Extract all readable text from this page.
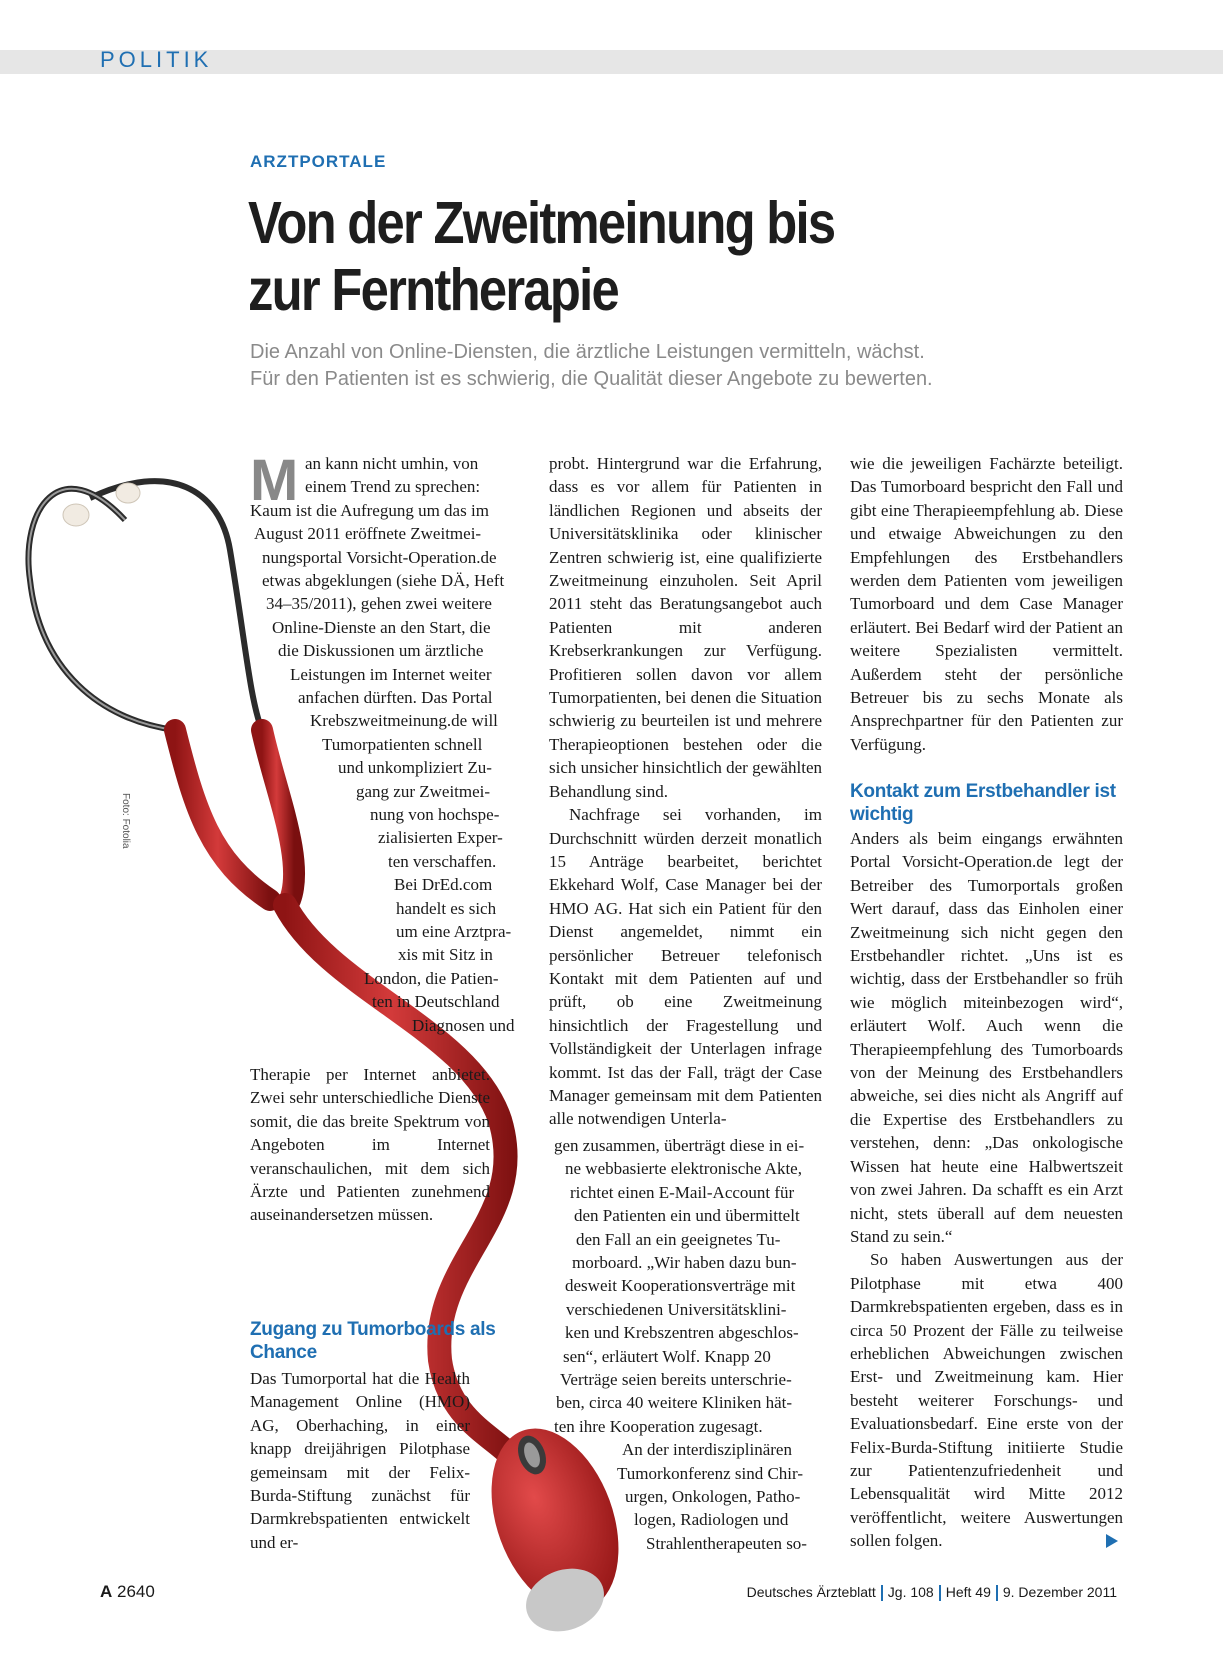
POLITIK
ARZTPORTALE
Von der Zweitmeinung bis
zur Ferntherapie
Die Anzahl von Online-Diensten, die ärztliche Leistungen vermitteln, wächst.
Für den Patienten ist es schwierig, die Qualität dieser Angebote zu bewerten.
Foto: Fotolia
M an kann nicht umhin, von
einem Trend zu sprechen:
Kaum ist die Aufregung um das im
August 2011 eröffnete Zweitmei-
nungsportal Vorsicht-Operation.de
etwas abgeklungen (siehe DÄ, Heft
34–35/2011), gehen zwei weitere
Online-Dienste an den Start, die
die Diskussionen um ärztliche
Leistungen im Internet weiter
anfachen dürften. Das Portal
Krebszweitmeinung.de will
Tumorpatienten schnell
und unkompliziert Zu-
gang zur Zweitmei-
nung von hochspe-
zialisierten Exper-
ten verschaffen.
Bei DrEd.com
handelt es sich
um eine Arztpra-
xis mit Sitz in
London, die Patien-
ten in Deutschland
Diagnosen und
Therapie per Internet anbietet. Zwei sehr unterschiedliche Dienste somit, die das breite Spektrum von Angeboten im Internet veranschaulichen, mit dem sich Ärzte und Patienten zunehmend auseinandersetzen müssen.
Zugang zu Tumorboards als Chance
Das Tumorportal hat die Health Management Online (HMO) AG, Oberhaching, in einer knapp dreijährigen Pilotphase gemeinsam mit der Felix-Burda-Stiftung zunächst für Darmkrebspatienten entwickelt und er-

probt. Hintergrund war die Erfahrung, dass es vor allem für Patienten in ländlichen Regionen und abseits der Universitätsklinika oder klinischer Zentren schwierig ist, eine qualifizierte Zweitmeinung einzuholen. Seit April 2011 steht das Beratungsangebot auch Patienten mit anderen Krebserkrankungen zur Verfügung. Profitieren sollen davon vor allem Tumorpatienten, bei denen die Situation schwierig zu beurteilen ist und mehrere Therapieoptionen bestehen oder die sich unsicher hinsichtlich der gewählten Behandlung sind.

Nachfrage sei vorhanden, im Durchschnitt würden derzeit monatlich 15 Anträge bearbeitet, berichtet Ekkehard Wolf, Case Manager bei der HMO AG. Hat sich ein Patient für den Dienst angemeldet, nimmt ein persönlicher Betreuer telefonisch Kontakt mit dem Patienten auf und prüft, ob eine Zweitmeinung hinsichtlich der Fragestellung und Vollständigkeit der Unterlagen infrage kommt. Ist das der Fall, trägt der Case Manager gemeinsam mit dem Patienten alle notwendigen Unterla-

gen zusammen, überträgt diese in ei-
ne webbasierte elektronische Akte,
richtet einen E-Mail-Account für
den Patienten ein und übermittelt
den Fall an ein geeignetes Tu-
morboard. „Wir haben dazu bun-
desweit Kooperationsverträge mit
verschiedenen Universitätsklini-
ken und Krebszentren abgeschlos-
sen“, erläutert Wolf. Knapp 20
Verträge seien bereits unterschrie-
ben, circa 40 weitere Kliniken hät-
ten ihre Kooperation zugesagt.
An der interdisziplinären
Tumorkonferenz sind Chir-
urgen, Onkologen, Patho-
logen, Radiologen und
Strahlentherapeuten so-
wie die jeweiligen Fachärzte beteiligt. Das Tumorboard bespricht den Fall und gibt eine Therapieempfehlung ab. Diese und etwaige Abweichungen zu den Empfehlungen des Erstbehandlers werden dem Patienten vom jeweiligen Tumorboard und dem Case Manager erläutert. Bei Bedarf wird der Patient an weitere Spezialisten vermittelt. Außerdem steht der persönliche Betreuer bis zu sechs Monate als Ansprechpartner für den Patienten zur Verfügung.
Kontakt zum Erstbehandler ist wichtig

Anders als beim eingangs erwähnten Portal Vorsicht-Operation.de legt der Betreiber des Tumorportals großen Wert darauf, dass das Einholen einer Zweitmeinung sich nicht gegen den Erstbehandler richtet. „Uns ist es wichtig, dass der Erstbehandler so früh wie möglich miteinbezogen wird“, erläutert Wolf. Auch wenn die Therapieempfehlung des Tumorboards von der Meinung des Erstbehandlers abweiche, sei dies nicht als Angriff auf die Expertise des Erstbehandlers zu verstehen, denn: „Das onkologische Wissen hat heute eine Halbwertszeit von zwei Jahren. Da schafft es ein Arzt nicht, stets überall auf dem neuesten Stand zu sein.“

So haben Auswertungen aus der Pilotphase mit etwa 400 Darmkrebspatienten ergeben, dass es in circa 50 Prozent der Fälle zu teilweise erheblichen Abweichungen zwischen Erst- und Zweitmeinung kam. Hier besteht weiterer Forschungs- und Evaluationsbedarf. Eine erste von der Felix-Burda-Stiftung initiierte Studie zur Patientenzufriedenheit und Lebensqualität wird Mitte 2012 veröffentlicht, weitere Auswertungen sollen folgen.

A 2640	Deutsches Ärzteblatt Jg. 108 Heft 49 9. Dezember 2011
